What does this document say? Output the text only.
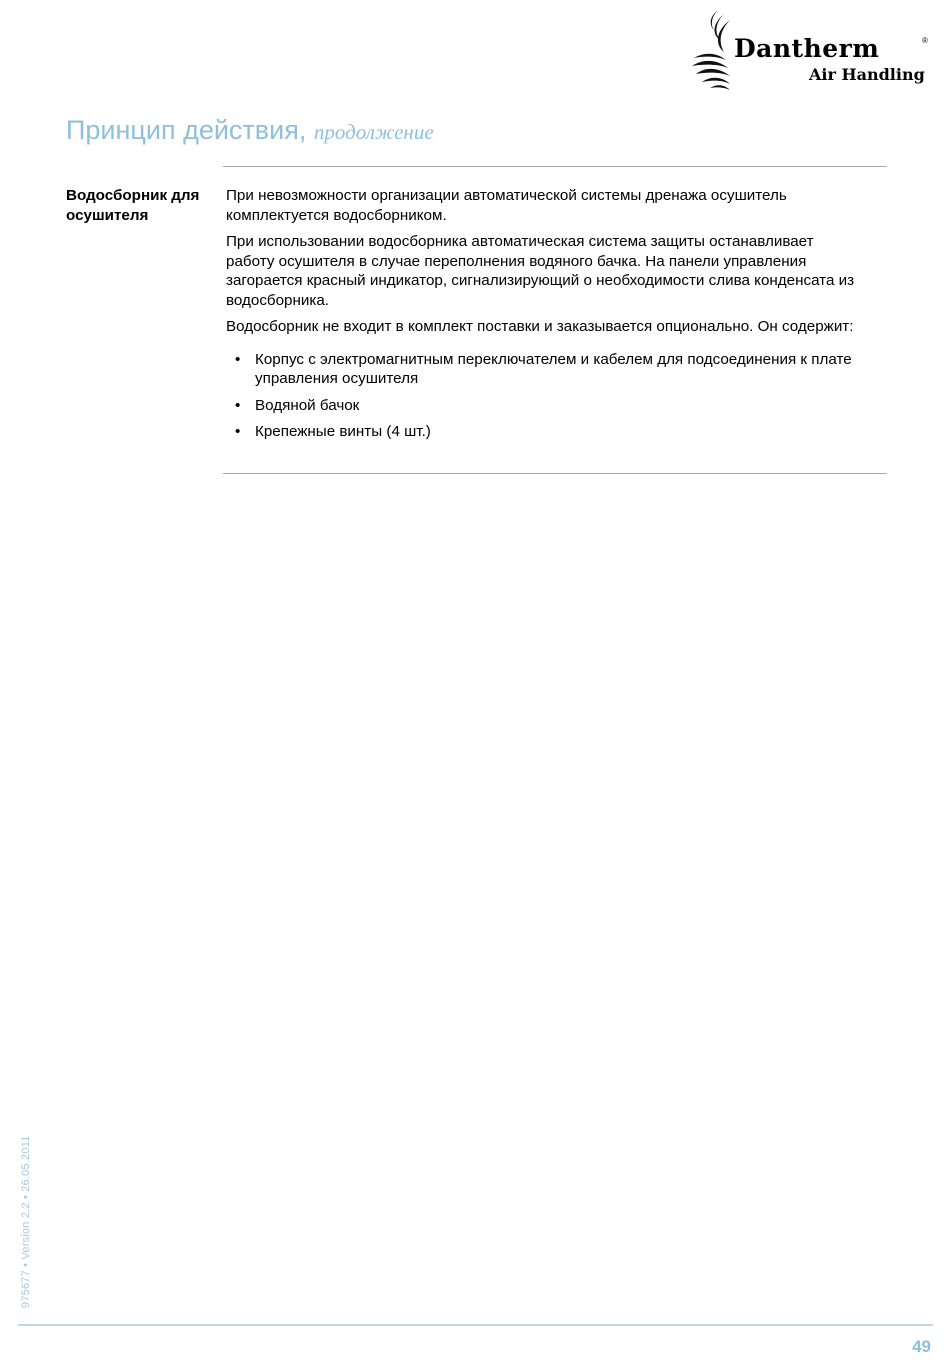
Dantherm	®
Air Handling
Принцип действия, продолжение
Водосборник для осушителя

При невозможности организации автоматической системы дренажа осушитель комплектуется водосборником.

При использовании водосборника автоматическая система защиты останавливает работу осушителя в случае переполнения водяного бачка. На панели управления загорается красный индикатор, сигнализирующий о необходимости слива конденсата из водосборника.

Водосборник не входит в комплект поставки и заказывается опционально. Он содержит:

• Корпус с электромагнитным переключателем и кабелем для подсоединения к плате управления осушителя
• Водяной бачок
• Крепежные винты (4 шт.)
975677 • Version 2.2 • 26.05.2011
49
